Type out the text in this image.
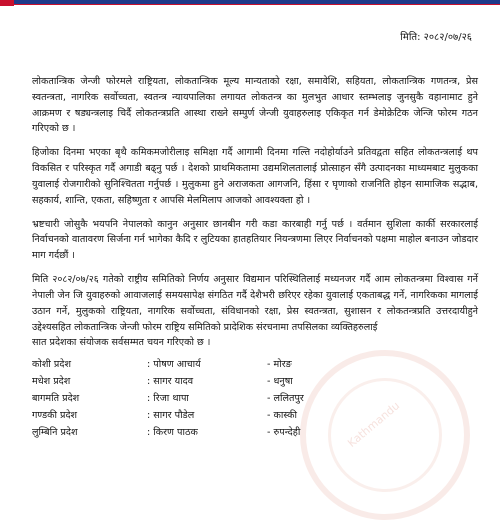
Kathmandu
मिति: २०८२/०७/२६

लोकतान्त्रिक जेन्जी फोरमले राष्ट्रियता, लोकतान्त्रिक मूल्य मान्यताको रक्षा, समावेशि, सहियता, लोकतान्त्रिक गणतन्त्र, प्रेस स्वतन्त्रता, नागरिक सर्वोच्चता, स्वतन्त्र न्यायपालिका लगायत लोकतन्त्र का मुलभुत आधार स्तम्भलाइ जुनसुकै वहानामाट हुने आक्रमण र षड्यन्त्रलाइ चिर्दै लोकतन्त्रप्रति आस्था राख्ने सम्पुर्ण जेन्जी युवाहरुलाइ एकिकृत गर्न डेमोक्रेटिक जेन्जि फोरम गठन गरिएको छ ।

हिजोका दिनमा भएका बृथै कमिकमजोरीलाइ समिक्षा गर्दै आगामी दिनमा गल्ति नदोहोर्याउने प्रतिवद्वता सहित लोकतन्त्रलाई थप विकसित र परिस्कृत गर्दै अगाडी बढ्नु पर्छ । देशको प्राथमिकतामा उद्यमशिलतालाई प्रोत्साहन सँगै उत्पादनका माध्यमबाट मुलुकका युवालाई रोजगारीको सुनिश्चितता गर्नुपर्छ । मुलुकमा हुने अराजकता आगजनि, हिंसा र घृणाको राजनिति होइन सामाजिक सद्भाब, सहकार्य, शान्ति, एकता, सहिष्णुता र आपसि मेलमिलाप आजको आवश्यक्ता हो ।

भ्रष्टचारी जोसुकै भयपनि नेपालको कानुन अनुसार छानबीन गरी कडा कारबाही गर्नु पर्छ । वर्तमान सुशिला कार्की सरकारलाई निर्वाचनको वातावरण सिर्जना गर्न भागेका कैदि र लुटियका हातहतियार नियन्त्रणमा लिएर निर्वाचनको पक्षमा माहोल बनाउन जोडदार माग गर्दछौं ।

मिति २०८२/०७/२६ गतेको राष्ट्रीय समितिको निर्णय अनुसार विद्यमान परिस्थितिलाई मध्यनजर गर्दै आम लोकतन्त्रमा विश्वास गर्ने नेपाली जेन जि युवाहरुको आवाजलाई समयसापेक्ष संगठित गर्दै देशैभरी छरिएर रहेका युवालाई एकताबद्ध गर्ने, नागरिकका मागलाई उठान गर्ने, मुलुकको राष्ट्रियता, नागरिक सर्वोच्चता, संविधानको रक्षा, प्रेस स्वतन्त्रता, सुशासन र लोकतन्त्रप्रति उत्तरदायीहुने उद्देश्यसहित लोकतान्त्रिक जेन्जी फोरम राष्ट्रिय समितिको प्रादेशिक संरचनामा तपसिलका व्यक्तिहरुलाई

सात प्रदेशका संयोजक सर्वसम्मत चयन गरिएको छ ।
कोशी प्रदेश	: पोषण आचार्य	- मोरङ
मधेश प्रदेश	: सागर यादव	- धनुषा
बागमति प्रदेश	: रिजा थापा	- ललितपुर
गण्डकी प्रदेश	: सागर पौडेल	- कास्की
लुम्बिनि प्रदेश	: किरण पाठक	- रुपन्देही
